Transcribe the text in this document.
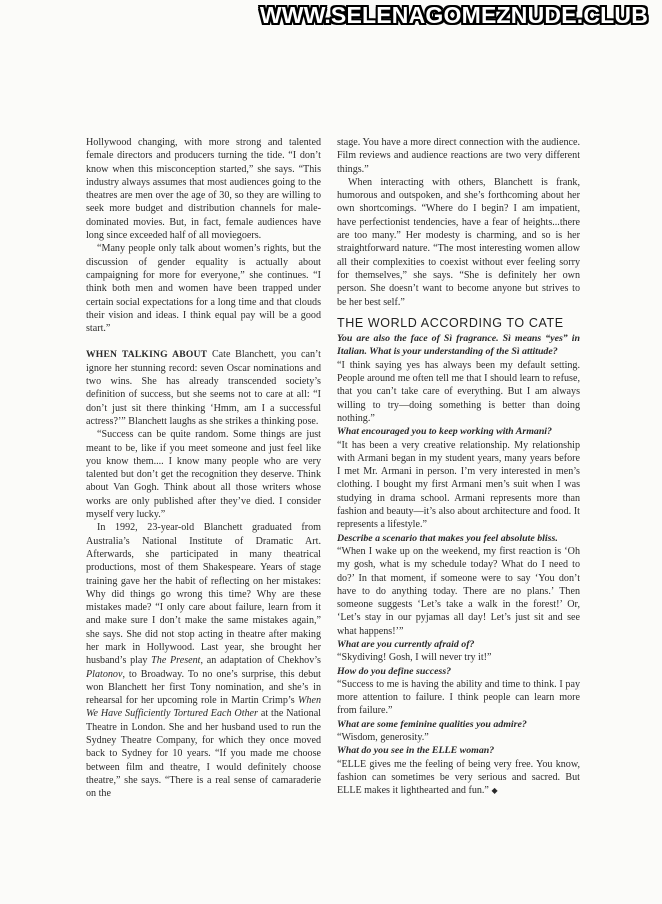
WWW.SELENAGOMEZNUDE.CLUB

Hollywood changing, with more strong and talented female directors and producers turning the tide. “I don’t know when this misconception started,” she says. “This industry always assumes that most audiences going to the theatres are men over the age of 30, so they are willing to seek more budget and distribution channels for male-dominated movies. But, in fact, female audiences have long since exceeded half of all moviegoers.

“Many people only talk about women’s rights, but the discussion of gender equality is actually about campaigning for more for everyone,” she continues. “I think both men and women have been trapped under certain social expectations for a long time and that clouds their vision and ideas. I think equal pay will be a good start.”

WHEN TALKING ABOUT Cate Blanchett, you can’t ignore her stunning record: seven Oscar nominations and two wins. She has already transcended society’s definition of success, but she seems not to care at all: “I don’t just sit there thinking ‘Hmm, am I a successful actress?’” Blanchett laughs as she strikes a thinking pose.

“Success can be quite random. Some things are just meant to be, like if you meet someone and just feel like you know them.... I know many people who are very talented but don’t get the recognition they deserve. Think about Van Gogh. Think about all those writers whose works are only published after they’ve died. I consider myself very lucky.”

In 1992, 23-year-old Blanchett graduated from Australia’s National Institute of Dramatic Art. Afterwards, she participated in many theatrical productions, most of them Shakespeare. Years of stage training gave her the habit of reflecting on her mistakes: Why did things go wrong this time? Why are these mistakes made? “I only care about failure, learn from it and make sure I don’t make the same mistakes again,” she says. She did not stop acting in theatre after making her mark in Hollywood. Last year, she brought her husband’s play The Present, an adaptation of Chekhov’s Platonov, to Broadway. To no one’s surprise, this debut won Blanchett her first Tony nomination, and she’s in rehearsal for her upcoming role in Martin Crimp’s When We Have Sufficiently Tortured Each Other at the National Theatre in London. She and her husband used to run the Sydney Theatre Company, for which they once moved back to Sydney for 10 years. “If you made me choose between film and theatre, I would definitely choose theatre,” she says. “There is a real sense of camaraderie on the

stage. You have a more direct connection with the audience. Film reviews and audience reactions are two very different things.”

When interacting with others, Blanchett is frank, humorous and outspoken, and she’s forthcoming about her own shortcomings. “Where do I begin? I am impatient, have perfectionist tendencies, have a fear of heights...there are too many.” Her modesty is charming, and so is her straightforward nature. “The most interesting women allow all their complexities to coexist without ever feeling sorry for themselves,” she says. “She is definitely her own person. She doesn’t want to become anyone but strives to be her best self.”

THE WORLD ACCORDING TO CATE

You are also the face of Sì fragrance. Sì means “yes” in Italian. What is your understanding of the Sì attitude?

“I think saying yes has always been my default setting. People around me often tell me that I should learn to refuse, that you can’t take care of everything. But I am always willing to try—doing something is better than doing nothing.”

What encouraged you to keep working with Armani?

“It has been a very creative relationship. My relationship with Armani began in my student years, many years before I met Mr. Armani in person. I’m very interested in men’s clothing. I bought my first Armani men’s suit when I was studying in drama school. Armani represents more than fashion and beauty—it’s also about architecture and food. It represents a lifestyle.”

Describe a scenario that makes you feel absolute bliss.

“When I wake up on the weekend, my first reaction is ‘Oh my gosh, what is my schedule today? What do I need to do?’ In that moment, if someone were to say ‘You don’t have to do anything today. There are no plans.’ Then someone suggests ‘Let’s take a walk in the forest!’ Or, ‘Let’s stay in our pyjamas all day! Let’s just sit and see what happens!’”

What are you currently afraid of?

“Skydiving! Gosh, I will never try it!”

How do you define success?

“Success to me is having the ability and time to think. I pay more attention to failure. I think people can learn more from failure.”

What are some feminine qualities you admire?

“Wisdom, generosity.”

What do you see in the ELLE woman?

“ELLE gives me the feeling of being very free. You know, fashion can sometimes be very serious and sacred. But ELLE makes it lighthearted and fun.” ◆
